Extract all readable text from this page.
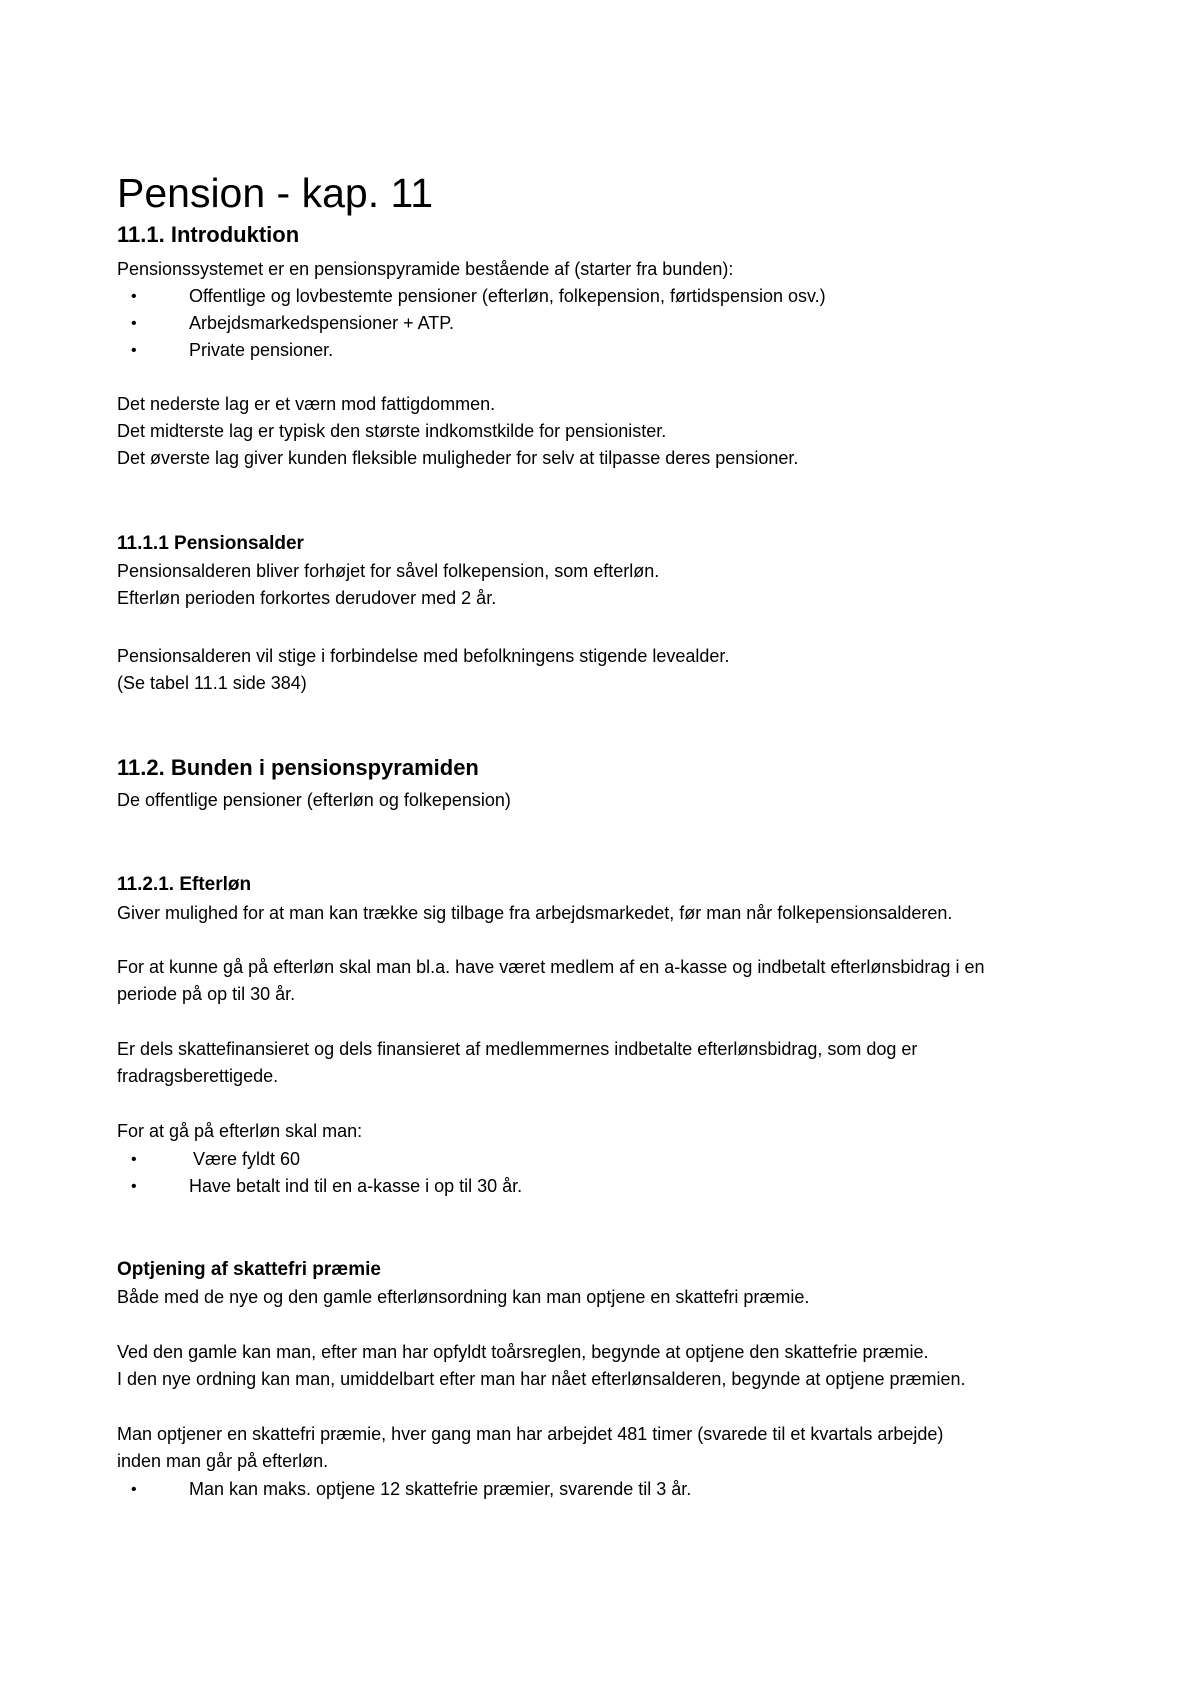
Pension - kap. 11
11.1. Introduktion
Pensionssystemet er en pensionspyramide bestående af (starter fra bunden):
•	Offentlige og lovbestemte pensioner (efterløn, folkepension, førtidspension osv.)
•	Arbejdsmarkedspensioner + ATP.
•	Private pensioner.
Det nederste lag er et værn mod fattigdommen.
Det midterste lag er typisk den største indkomstkilde for pensionister.
Det øverste lag giver kunden fleksible muligheder for selv at tilpasse deres pensioner.
11.1.1 Pensionsalder
Pensionsalderen bliver forhøjet for såvel folkepension, som efterløn.
Efterløn perioden forkortes derudover med 2 år.
Pensionsalderen vil stige i forbindelse med befolkningens stigende levealder.
(Se tabel 11.1 side 384)
11.2. Bunden i pensionspyramiden
De offentlige pensioner (efterløn og folkepension)
11.2.1. Efterløn
Giver mulighed for at man kan trække sig tilbage fra arbejdsmarkedet, før man når folkepensionsalderen.
For at kunne gå på efterløn skal man bl.a. have været medlem af en a-kasse og indbetalt efterlønsbidrag i en
periode på op til 30 år.
Er dels skattefinansieret og dels finansieret af medlemmernes indbetalte efterlønsbidrag, som dog er
fradragsberettigede.
For at gå på efterløn skal man:
•	Være fyldt 60
•	Have betalt ind til en a-kasse i op til 30 år.
Optjening af skattefri præmie
Både med de nye og den gamle efterlønsordning kan man optjene en skattefri præmie.
Ved den gamle kan man, efter man har opfyldt toårsreglen, begynde at optjene den skattefrie præmie.
I den nye ordning kan man, umiddelbart efter man har nået efterlønsalderen, begynde at optjene præmien.
Man optjener en skattefri præmie, hver gang man har arbejdet 481 timer (svarede til et kvartals arbejde)
inden man går på efterløn.
•	Man kan maks. optjene 12 skattefrie præmier, svarende til 3 år.
